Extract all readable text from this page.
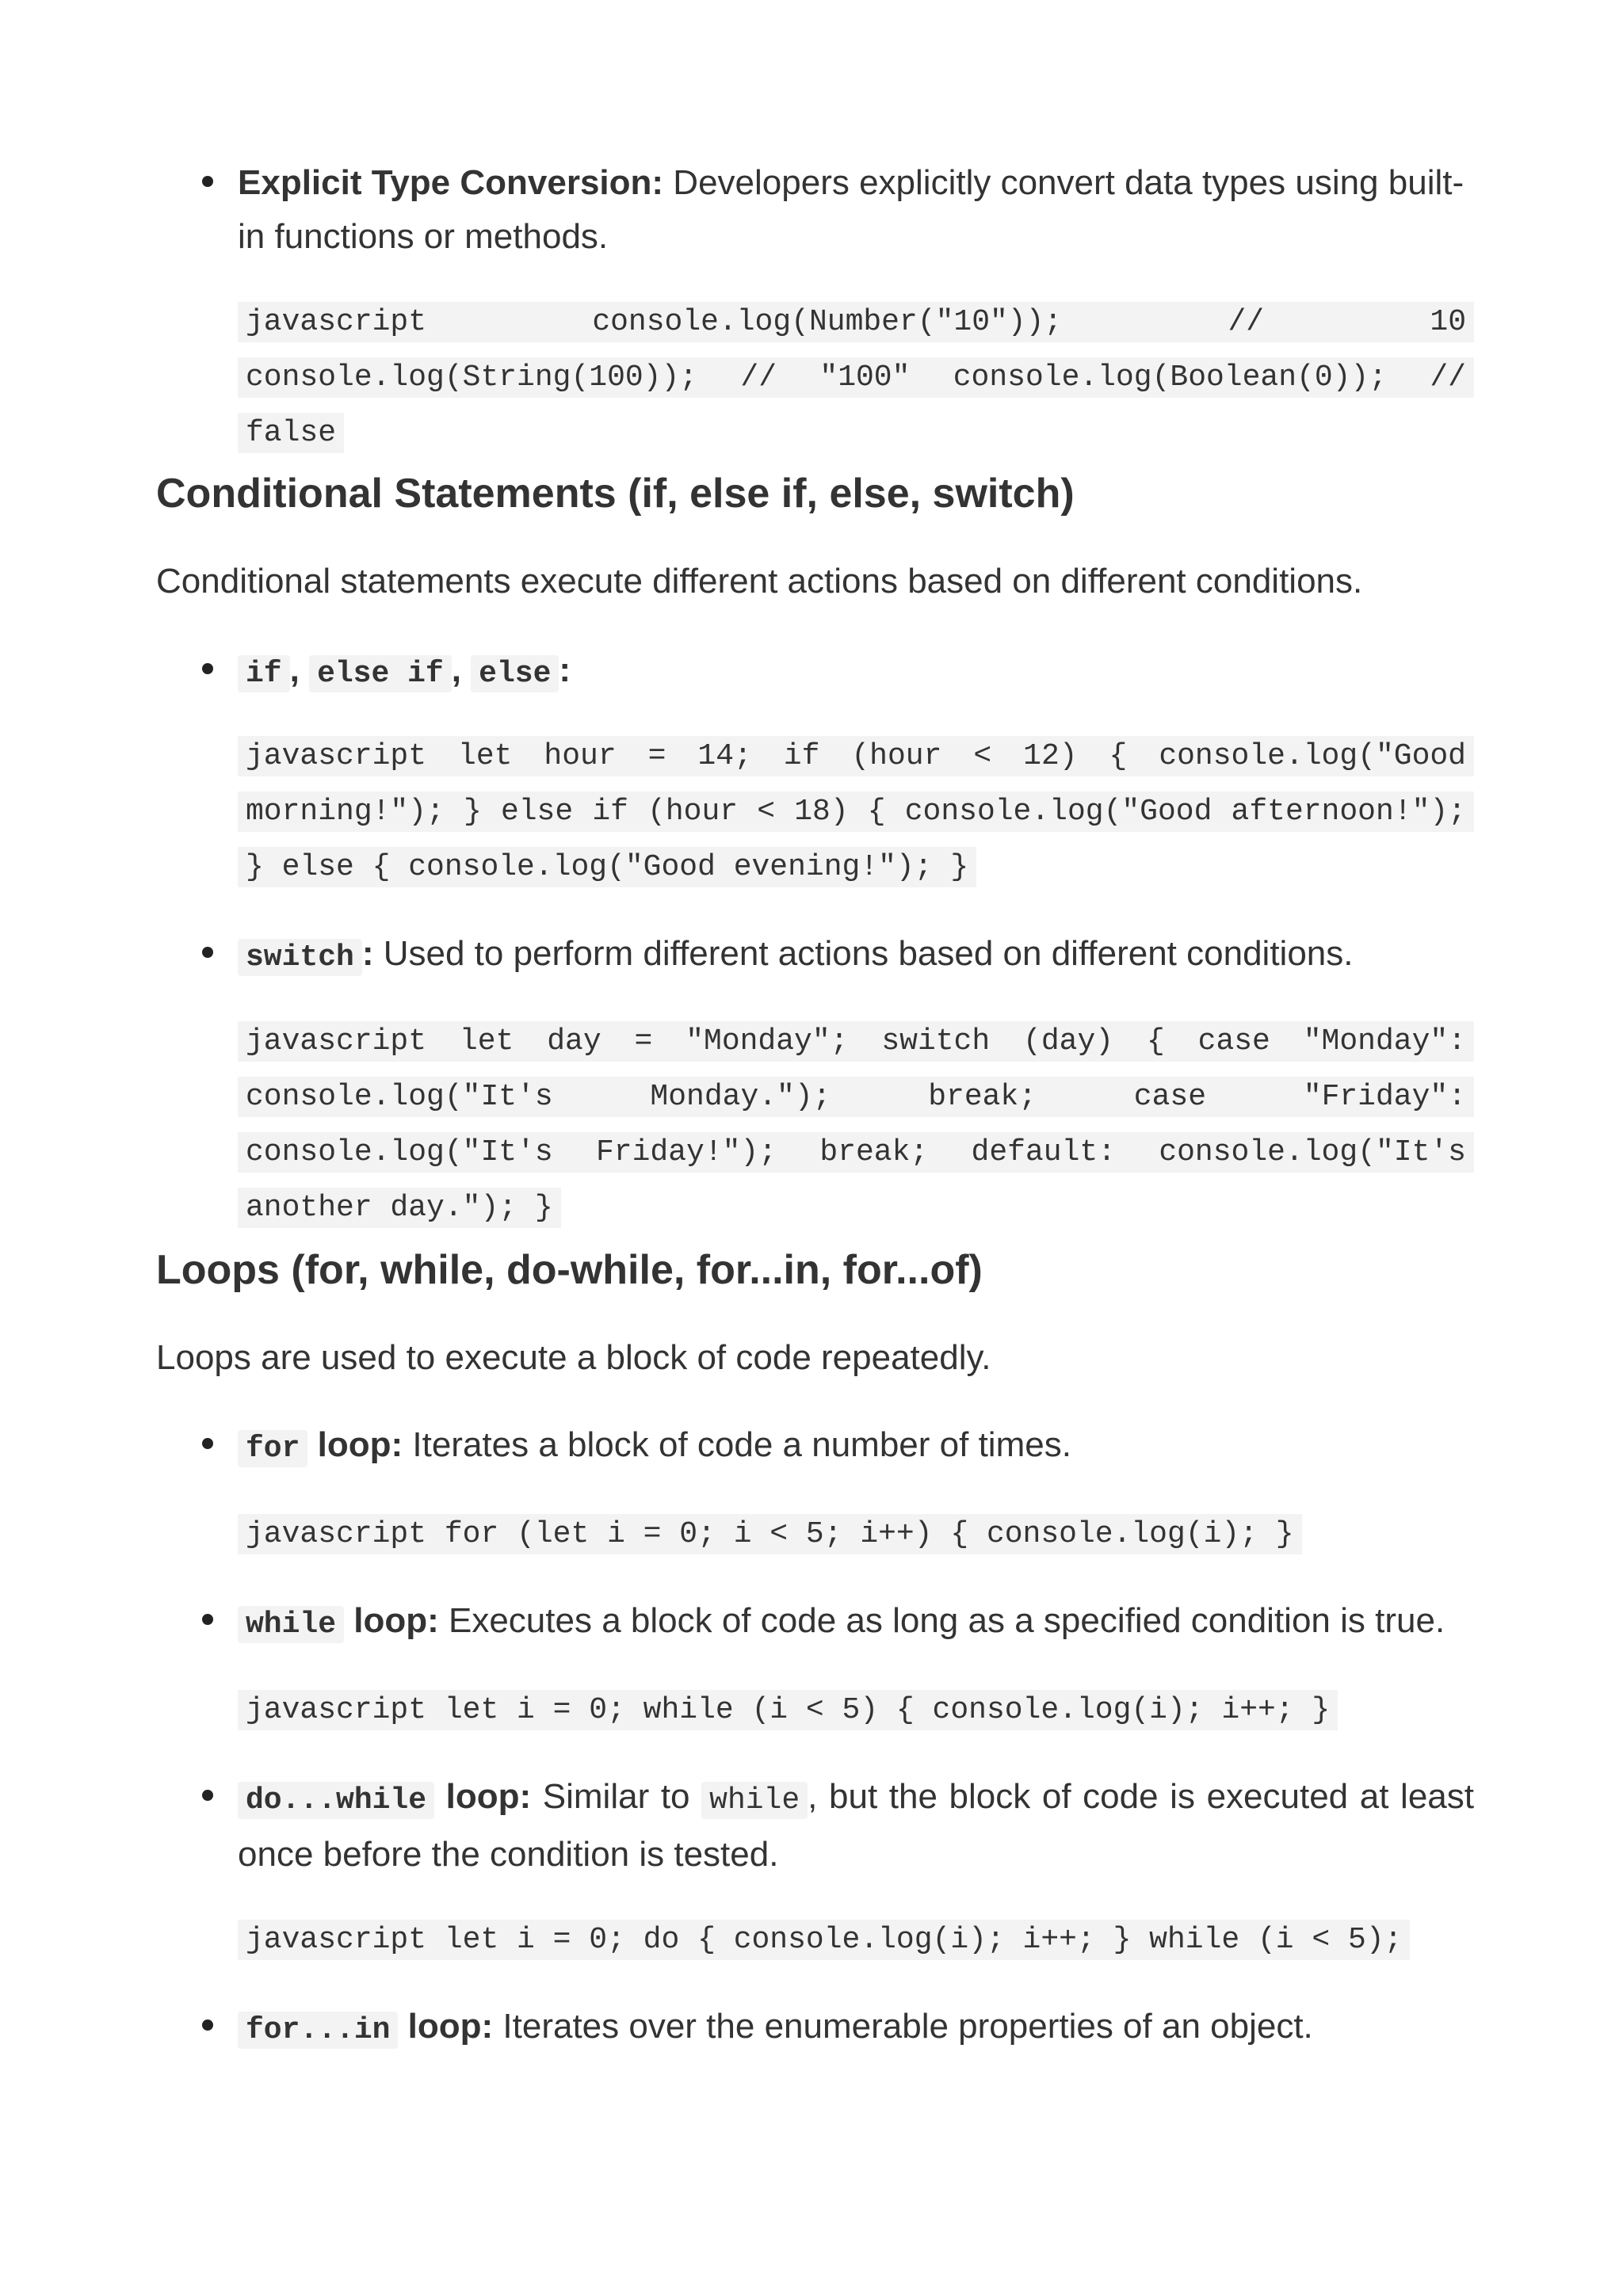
Explicit Type Conversion: Developers explicitly convert data types using built-in functions or methods.
javascript console.log(Number("10")); // 10 console.log(String(100)); // "100" console.log(Boolean(0)); // false
Conditional Statements (if, else if, else, switch)
Conditional statements execute different actions based on different conditions.
if , else if , else :
javascript let hour = 14; if (hour < 12) { console.log("Good morning!"); } else if (hour < 18) { console.log("Good afternoon!"); } else { console.log("Good evening!"); }
switch : Used to perform different actions based on different conditions.
javascript let day = "Monday"; switch (day) { case "Monday": console.log("It's Monday."); break; case "Friday": console.log("It's Friday!"); break; default: console.log("It's another day."); }
Loops (for, while, do-while, for...in, for...of)
Loops are used to execute a block of code repeatedly.
for loop: Iterates a block of code a number of times.
javascript for (let i = 0; i < 5; i++) { console.log(i); }
while loop: Executes a block of code as long as a specified condition is true.
javascript let i = 0; while (i < 5) { console.log(i); i++; }
do...while loop: Similar to while , but the block of code is executed at least once before the condition is tested.
javascript let i = 0; do { console.log(i); i++; } while (i < 5);
for...in loop: Iterates over the enumerable properties of an object.
